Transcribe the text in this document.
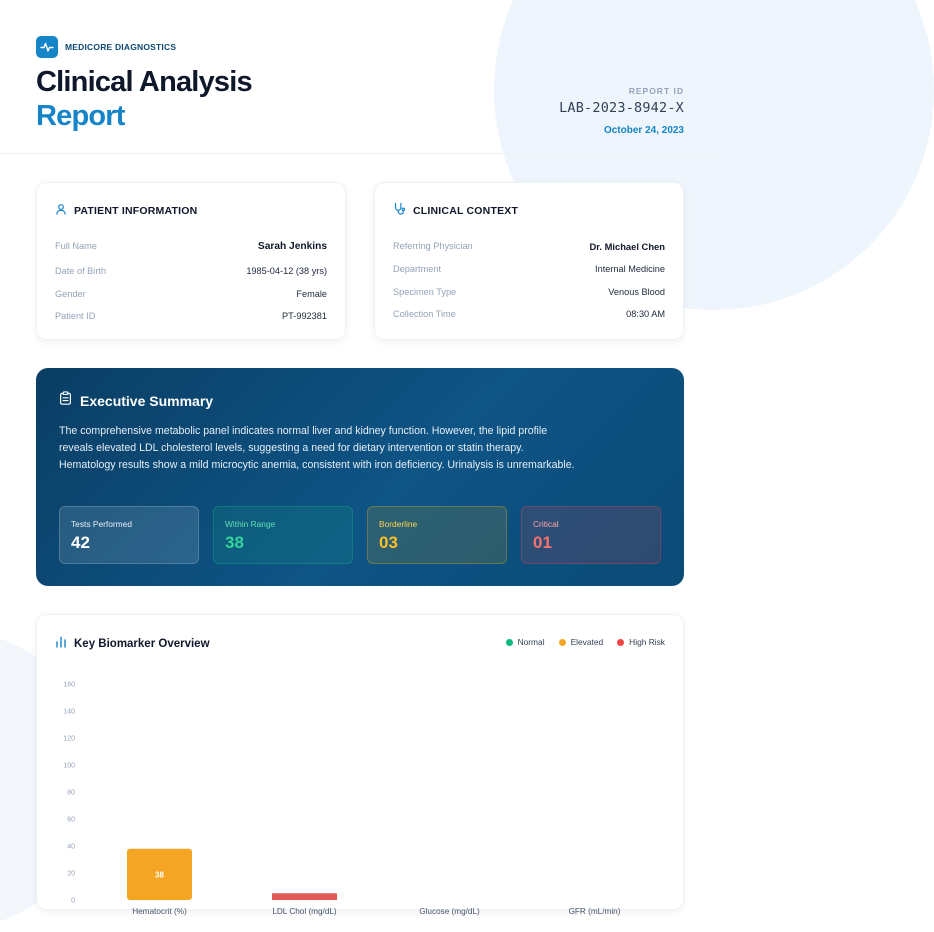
MEDICORE DIAGNOSTICS
Clinical Analysis
Report
REPORT ID
LAB-2023-8942-X
October 24, 2023
PATIENT INFORMATION
Full Name	Sarah Jenkins
Date of Birth	1985-04-12 (38 yrs)
Gender	Female
Patient ID	PT-992381
CLINICAL CONTEXT
Referring Physician	Dr. Michael Chen
Department	Internal Medicine
Specimen Type	Venous Blood
Collection Time	08:30 AM
Executive Summary

The comprehensive metabolic panel indicates normal liver and kidney function. However, the lipid profile reveals elevated LDL cholesterol levels, suggesting a need for dietary intervention or statin therapy. Hematology results show a mild microcytic anemia, consistent with iron deficiency. Urinalysis is unremarkable.

Tests Performed
42
Within Range
38
Borderline
03
Critical
01
Key Biomarker Overview	Normal	Elevated	High Risk
0
20
40
60
80
100
120
140
160
38
Hematocrit (%)	LDL Chol (mg/dL)	Glucose (mg/dL)	GFR (mL/min)
